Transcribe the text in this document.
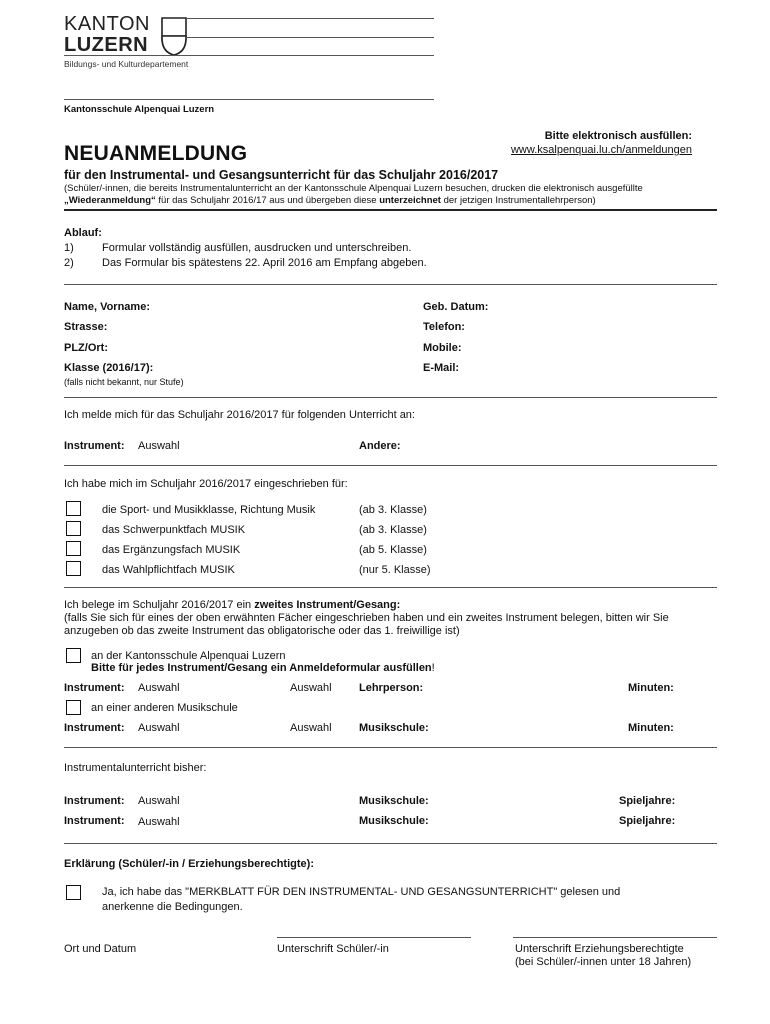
KANTON
LUZERN
Bildungs- und Kulturdepartement
Kantonsschule Alpenquai Luzern
Bitte elektronisch ausfüllen:
www.ksalpenquai.lu.ch/anmeldungen
NEUANMELDUNG
für den Instrumental- und Gesangsunterricht für das Schuljahr 2016/2017
(Schüler/-innen, die bereits Instrumentalunterricht an der Kantonsschule Alpenquai Luzern besuchen, drucken die elektronisch ausgefüllte
„Wiederanmeldung“ für das Schuljahr 2016/17 aus und übergeben diese unterzeichnet der jetzigen Instrumentallehrperson)
Ablauf:
1)	Formular vollständig ausfüllen, ausdrucken und unterschreiben.
2)	Das Formular bis spätestens 22. April 2016 am Empfang abgeben.
Name, Vorname:	Geb. Datum:
Strasse:	Telefon:
PLZ/Ort:	Mobile:
Klasse (2016/17):	E-Mail:
(falls nicht bekannt, nur Stufe)
Ich melde mich für das Schuljahr 2016/2017 für folgenden Unterricht an:
Instrument: Auswahl	Andere:
Ich habe mich im Schuljahr 2016/2017 eingeschrieben für:
die Sport- und Musikklasse, Richtung Musik	(ab 3. Klasse)
das Schwerpunktfach MUSIK	(ab 3. Klasse)
das Ergänzungsfach MUSIK	(ab 5. Klasse)
das Wahlpflichtfach MUSIK	(nur 5. Klasse)
Ich belege im Schuljahr 2016/2017 ein zweites Instrument/Gesang:
(falls Sie sich für eines der oben erwähnten Fächer eingeschrieben haben und ein zweites Instrument belegen, bitten wir Sie
anzugeben ob das zweite Instrument das obligatorische oder das 1. freiwillige ist)
an der Kantonsschule Alpenquai Luzern
Bitte für jedes Instrument/Gesang ein Anmeldeformular ausfüllen!
Instrument: Auswahl	Auswahl Lehrperson:	Minuten:
an einer anderen Musikschule
Instrument: Auswahl	Auswahl Musikschule:	Minuten:
Instrumentalunterricht bisher:
Instrument: Auswahl	Musikschule:	Spieljahre:
Instrument: Auswahl	Musikschule:	Spieljahre:
Erklärung (Schüler/-in / Erziehungsberechtigte):
Ja, ich habe das "MERKBLATT FÜR DEN INSTRUMENTAL- UND GESANGSUNTERRICHT" gelesen und
anerkenne die Bedingungen.
Ort und Datum	Unterschrift Schüler/-in	Unterschrift Erziehungsberechtigte
(bei Schüler/-innen unter 18 Jahren)
